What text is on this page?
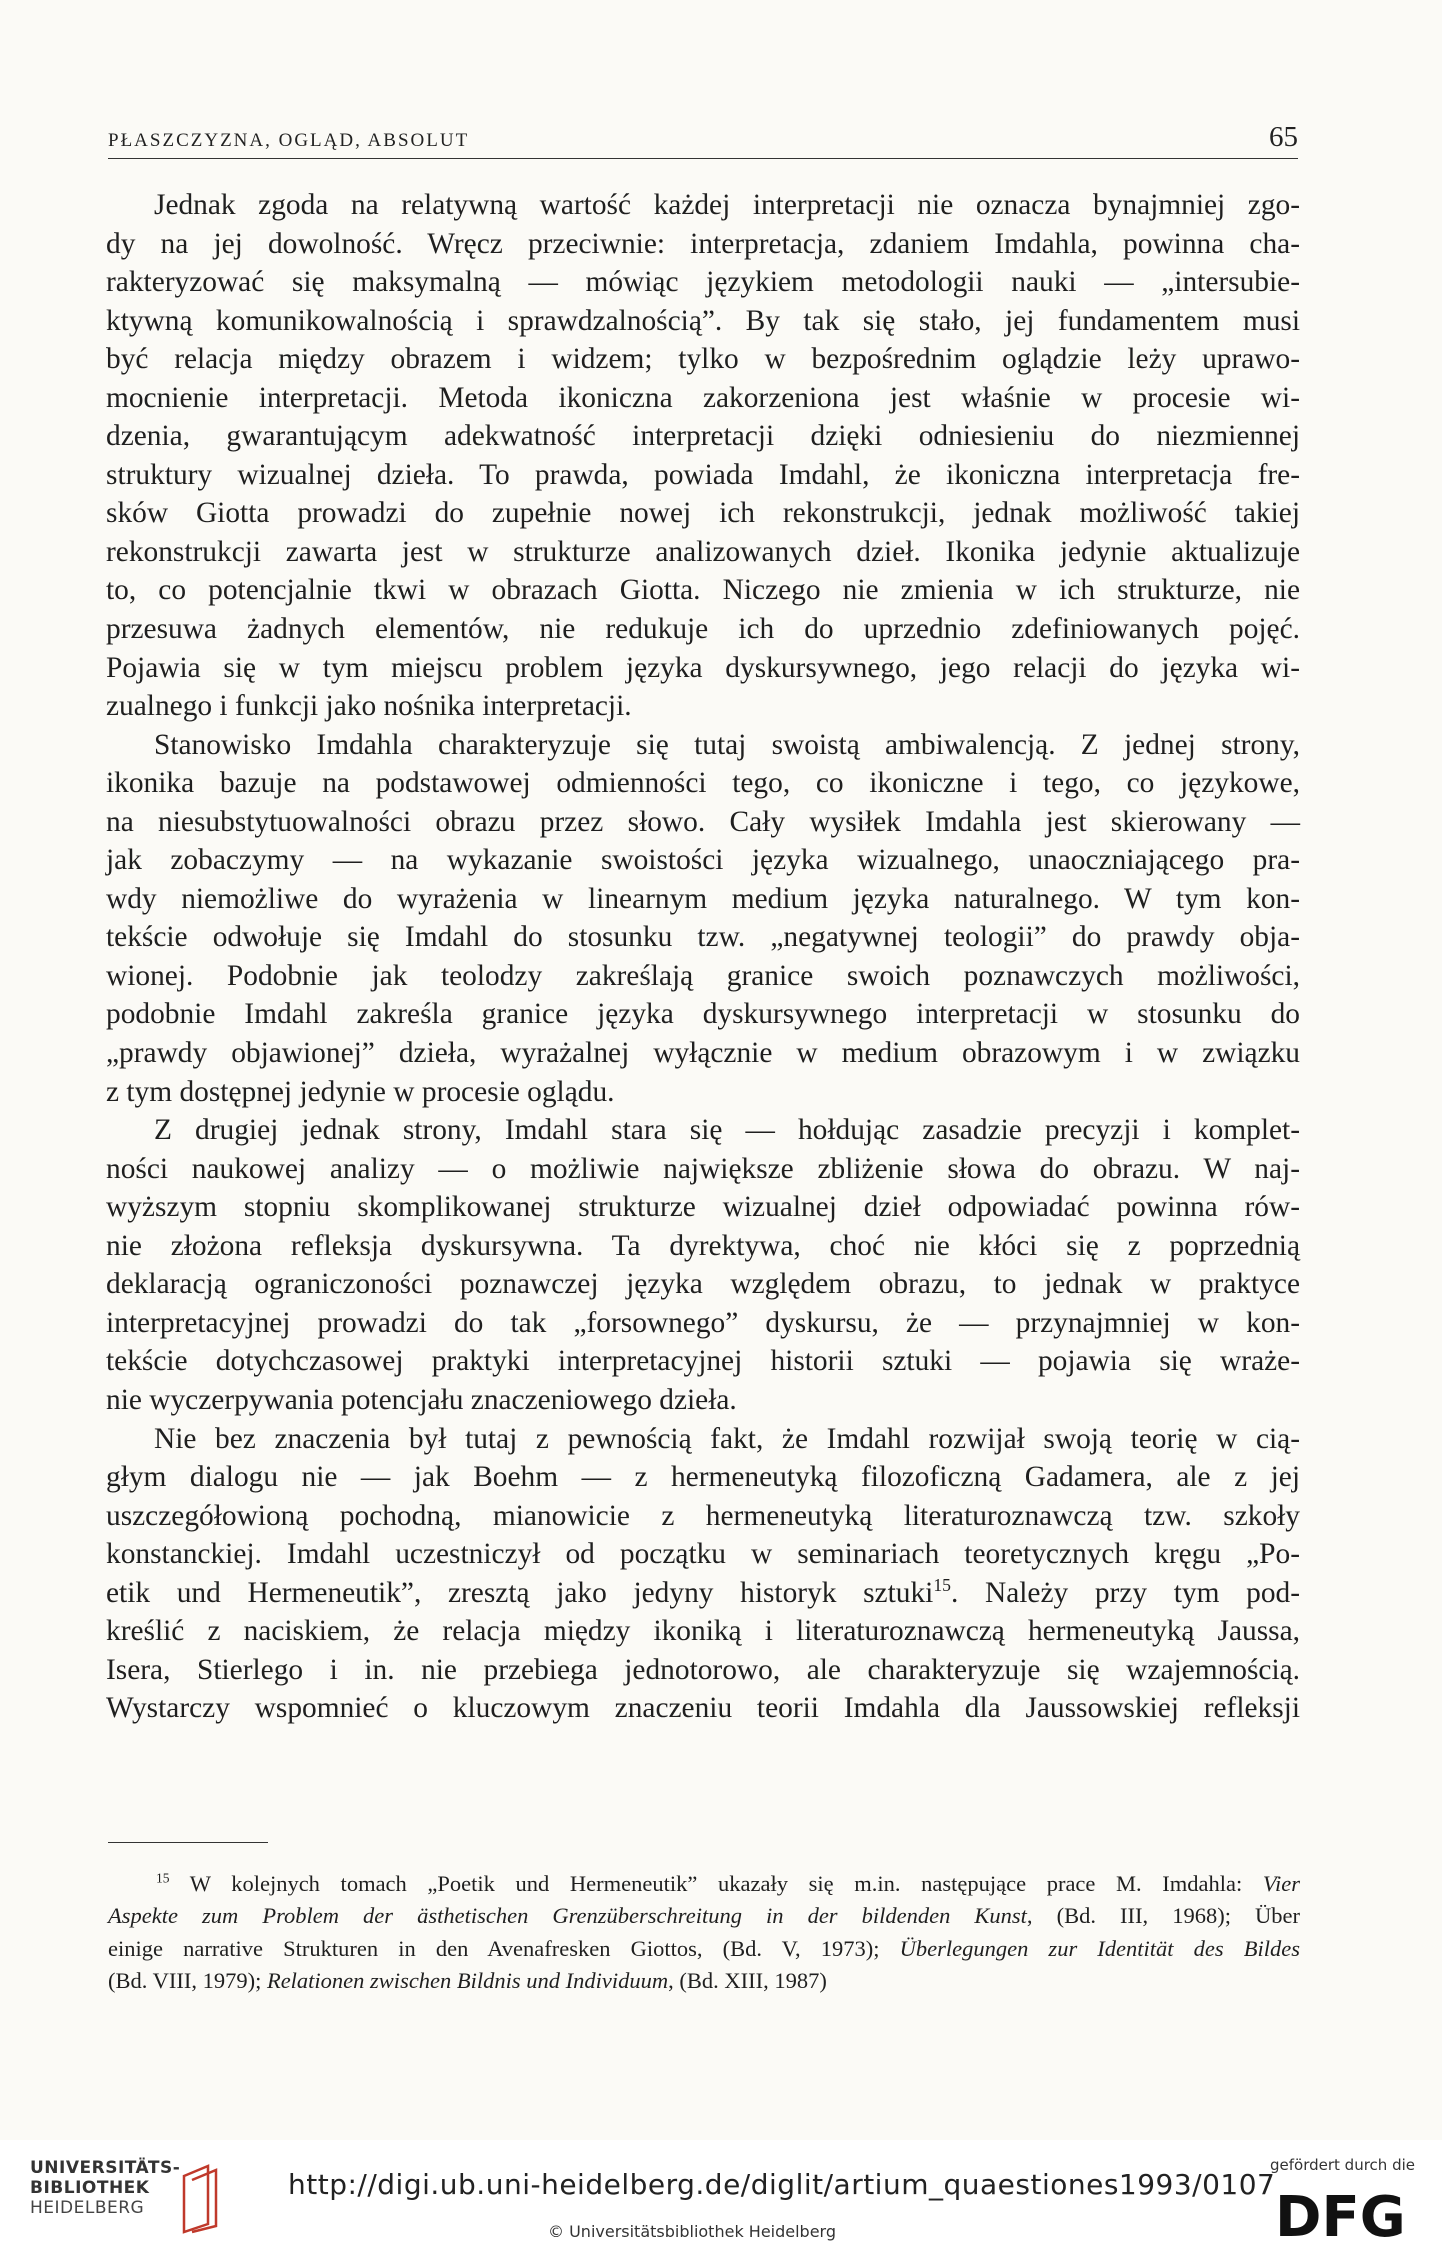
PŁASZCZYZNA, OGLĄD, ABSOLUT	65
Jednak zgoda na relatywną wartość każdej interpretacji nie oznacza bynajmniej zgo-
dy na jej dowolność. Wręcz przeciwnie: interpretacja, zdaniem Imdahla, powinna cha-
rakteryzować się maksymalną — mówiąc językiem metodologii nauki — „intersubie-
ktywną komunikowalnością i sprawdzalnością”. By tak się stało, jej fundamentem musi
być relacja między obrazem i widzem; tylko w bezpośrednim oglądzie leży uprawo-
mocnienie interpretacji. Metoda ikoniczna zakorzeniona jest właśnie w procesie wi-
dzenia, gwarantującym adekwatność interpretacji dzięki odniesieniu do niezmiennej
struktury wizualnej dzieła. To prawda, powiada Imdahl, że ikoniczna interpretacja fre-
sków Giotta prowadzi do zupełnie nowej ich rekonstrukcji, jednak możliwość takiej
rekonstrukcji zawarta jest w strukturze analizowanych dzieł. Ikonika jedynie aktualizuje
to, co potencjalnie tkwi w obrazach Giotta. Niczego nie zmienia w ich strukturze, nie
przesuwa żadnych elementów, nie redukuje ich do uprzednio zdefiniowanych pojęć.
Pojawia się w tym miejscu problem języka dyskursywnego, jego relacji do języka wi-
zualnego i funkcji jako nośnika interpretacji.
Stanowisko Imdahla charakteryzuje się tutaj swoistą ambiwalencją. Z jednej strony,
ikonika bazuje na podstawowej odmienności tego, co ikoniczne i tego, co językowe,
na niesubstytuowalności obrazu przez słowo. Cały wysiłek Imdahla jest skierowany —
jak zobaczymy — na wykazanie swoistości języka wizualnego, unaoczniającego pra-
wdy niemożliwe do wyrażenia w linearnym medium języka naturalnego. W tym kon-
tekście odwołuje się Imdahl do stosunku tzw. „negatywnej teologii” do prawdy obja-
wionej. Podobnie jak teolodzy zakreślają granice swoich poznawczych możliwości,
podobnie Imdahl zakreśla granice języka dyskursywnego interpretacji w stosunku do
„prawdy objawionej” dzieła, wyrażalnej wyłącznie w medium obrazowym i w związku
z tym dostępnej jedynie w procesie oglądu.
Z drugiej jednak strony, Imdahl stara się — hołdując zasadzie precyzji i komplet-
ności naukowej analizy — o możliwie największe zbliżenie słowa do obrazu. W naj-
wyższym stopniu skomplikowanej strukturze wizualnej dzieł odpowiadać powinna rów-
nie złożona refleksja dyskursywna. Ta dyrektywa, choć nie kłóci się z poprzednią
deklaracją ograniczoności poznawczej języka względem obrazu, to jednak w praktyce
interpretacyjnej prowadzi do tak „forsownego” dyskursu, że — przynajmniej w kon-
tekście dotychczasowej praktyki interpretacyjnej historii sztuki — pojawia się wraże-
nie wyczerpywania potencjału znaczeniowego dzieła.
Nie bez znaczenia był tutaj z pewnością fakt, że Imdahl rozwijał swoją teorię w cią-
głym dialogu nie — jak Boehm — z hermeneutyką filozoficzną Gadamera, ale z jej
uszczegółowioną pochodną, mianowicie z hermeneutyką literaturoznawczą tzw. szkoły
konstanckiej. Imdahl uczestniczył od początku w seminariach teoretycznych kręgu „Po-
etik und Hermeneutik”, zresztą jako jedyny historyk sztuki$^{15}$. Należy przy tym pod-
kreślić z naciskiem, że relacja między ikoniką i literaturoznawczą hermeneutyką Jaussa,
Isera, Stierlego i in. nie przebiega jednotorowo, ale charakteryzuje się wzajemnością.
Wystarczy wspomnieć o kluczowym znaczeniu teorii Imdahla dla Jaussowskiej refleksji
$^{15}$ W kolejnych tomach „Poetik und Hermeneutik” ukazały się m.in. następujące prace M. Imdahla: Vier
Aspekte zum Problem der ästhetischen Grenzüberschreitung in der bildenden Kunst, (Bd. III, 1968); Über
einige narrative Strukturen in den Avenafresken Giottos, (Bd. V, 1973); Überlegungen zur Identität des Bildes
(Bd. VIII, 1979); Relationen zwischen Bildnis und Individuum, (Bd. XIII, 1987)
UNIVERSITÄTS-
BIBLIOTHEK
HEIDELBERG
http://digi.ub.uni-heidelberg.de/diglit/artium_quaestiones1993/0107
© Universitätsbibliothek Heidelberg
gefördert durch die
DFG
